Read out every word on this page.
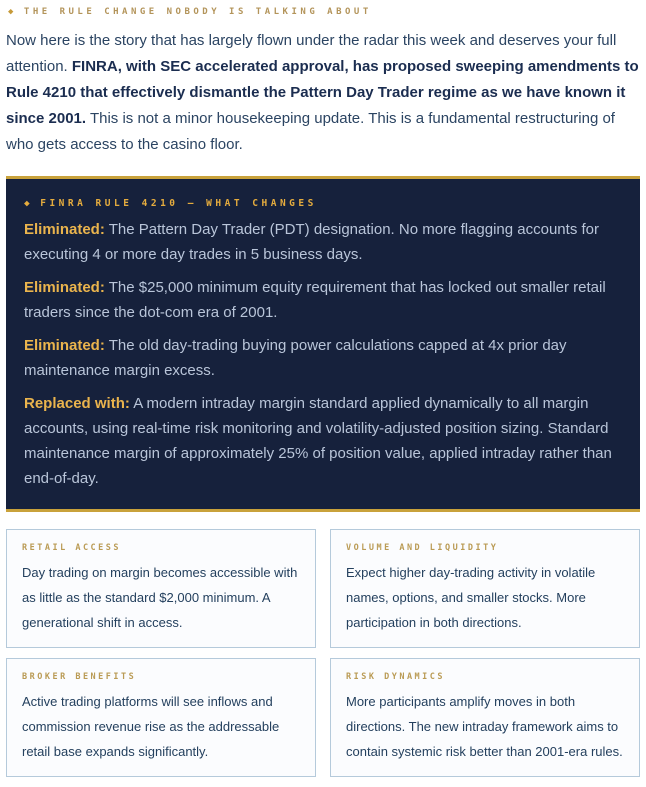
◆ THE RULE CHANGE NOBODY IS TALKING ABOUT

Now here is the story that has largely flown under the radar this week and deserves your full attention. FINRA, with SEC accelerated approval, has proposed sweeping amendments to Rule 4210 that effectively dismantle the Pattern Day Trader regime as we have known it since 2001. This is not a minor housekeeping update. This is a fundamental restructuring of who gets access to the casino floor.

◆ FINRA RULE 4210 — WHAT CHANGES

Eliminated: The Pattern Day Trader (PDT) designation. No more flagging accounts for executing 4 or more day trades in 5 business days.

Eliminated: The $25,000 minimum equity requirement that has locked out smaller retail traders since the dot-com era of 2001.

Eliminated: The old day-trading buying power calculations capped at 4x prior day maintenance margin excess.

Replaced with: A modern intraday margin standard applied dynamically to all margin accounts, using real-time risk monitoring and volatility-adjusted position sizing. Standard maintenance margin of approximately 25% of position value, applied intraday rather than end-of-day.

RETAIL ACCESS

Day trading on margin becomes accessible with as little as the standard $2,000 minimum. A generational shift in access.

VOLUME AND LIQUIDITY

Expect higher day-trading activity in volatile names, options, and smaller stocks. More participation in both directions.

BROKER BENEFITS

Active trading platforms will see inflows and commission revenue rise as the addressable retail base expands significantly.

RISK DYNAMICS

More participants amplify moves in both directions. The new intraday framework aims to contain systemic risk better than 2001-era rules.
